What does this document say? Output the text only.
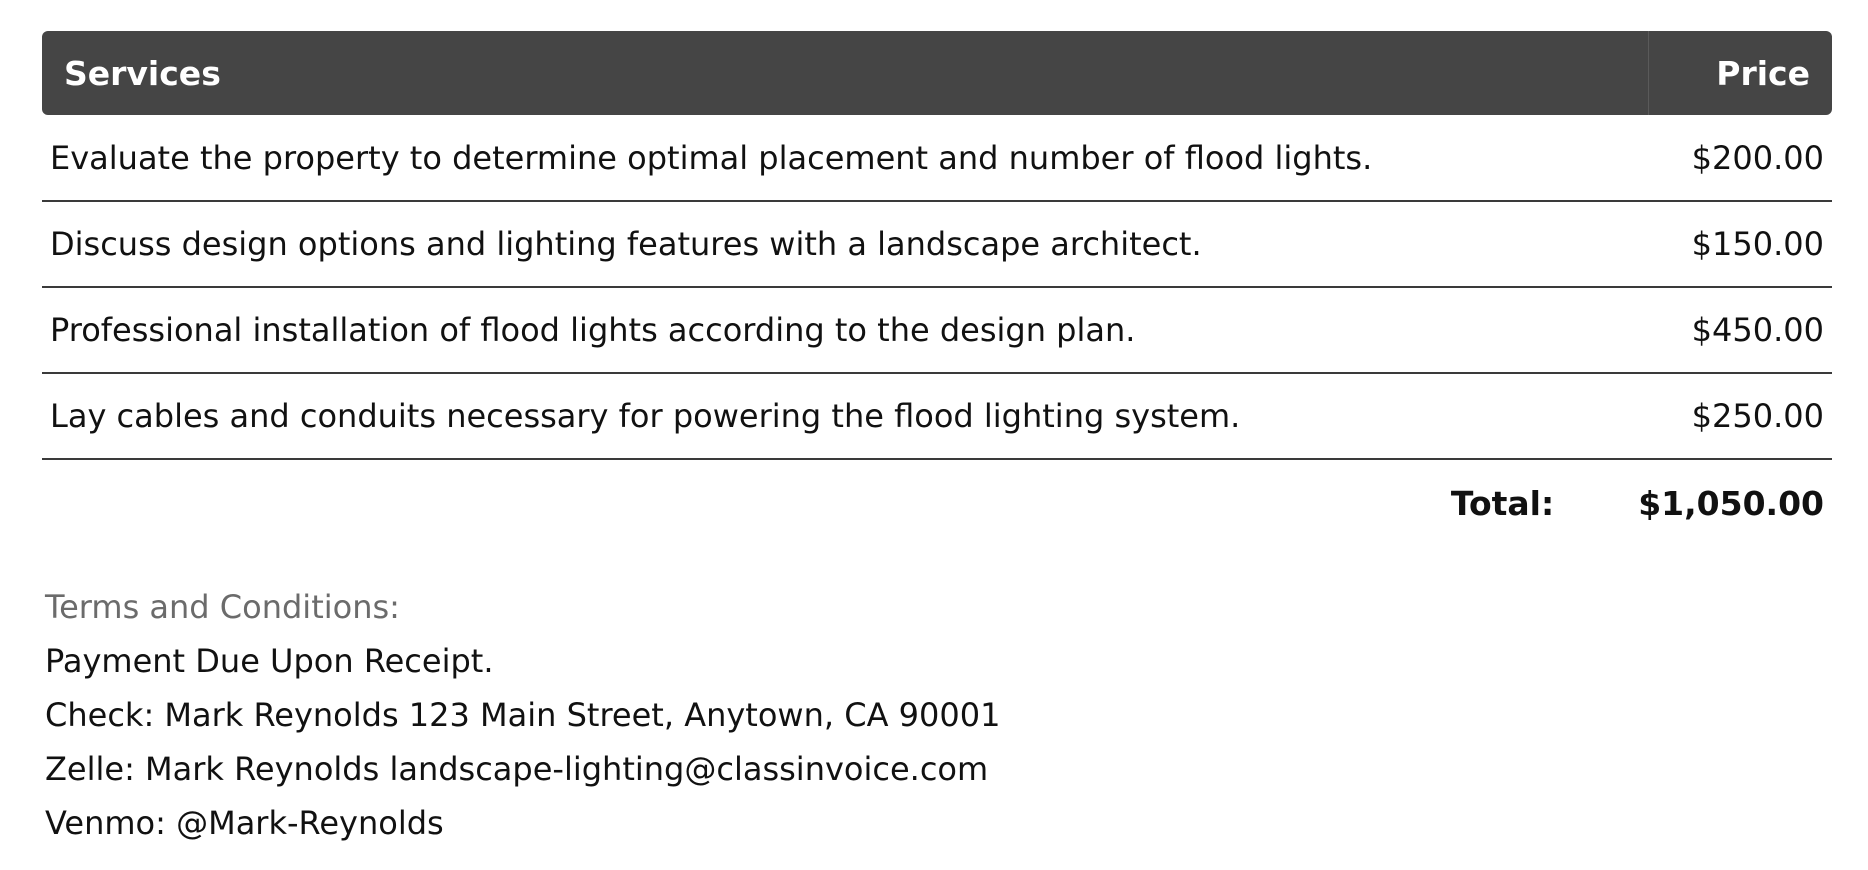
Services	Price
Evaluate the property to determine optimal placement and number of flood lights.	$200.00
Discuss design options and lighting features with a landscape architect.	$150.00
Professional installation of flood lights according to the design plan.	$450.00
Lay cables and conduits necessary for powering the flood lighting system.	$250.00
Total:	$1,050.00
Terms and Conditions:
Payment Due Upon Receipt.
Check: Mark Reynolds 123 Main Street, Anytown, CA 90001
Zelle: Mark Reynolds landscape-lighting@classinvoice.com
Venmo: @Mark-Reynolds
